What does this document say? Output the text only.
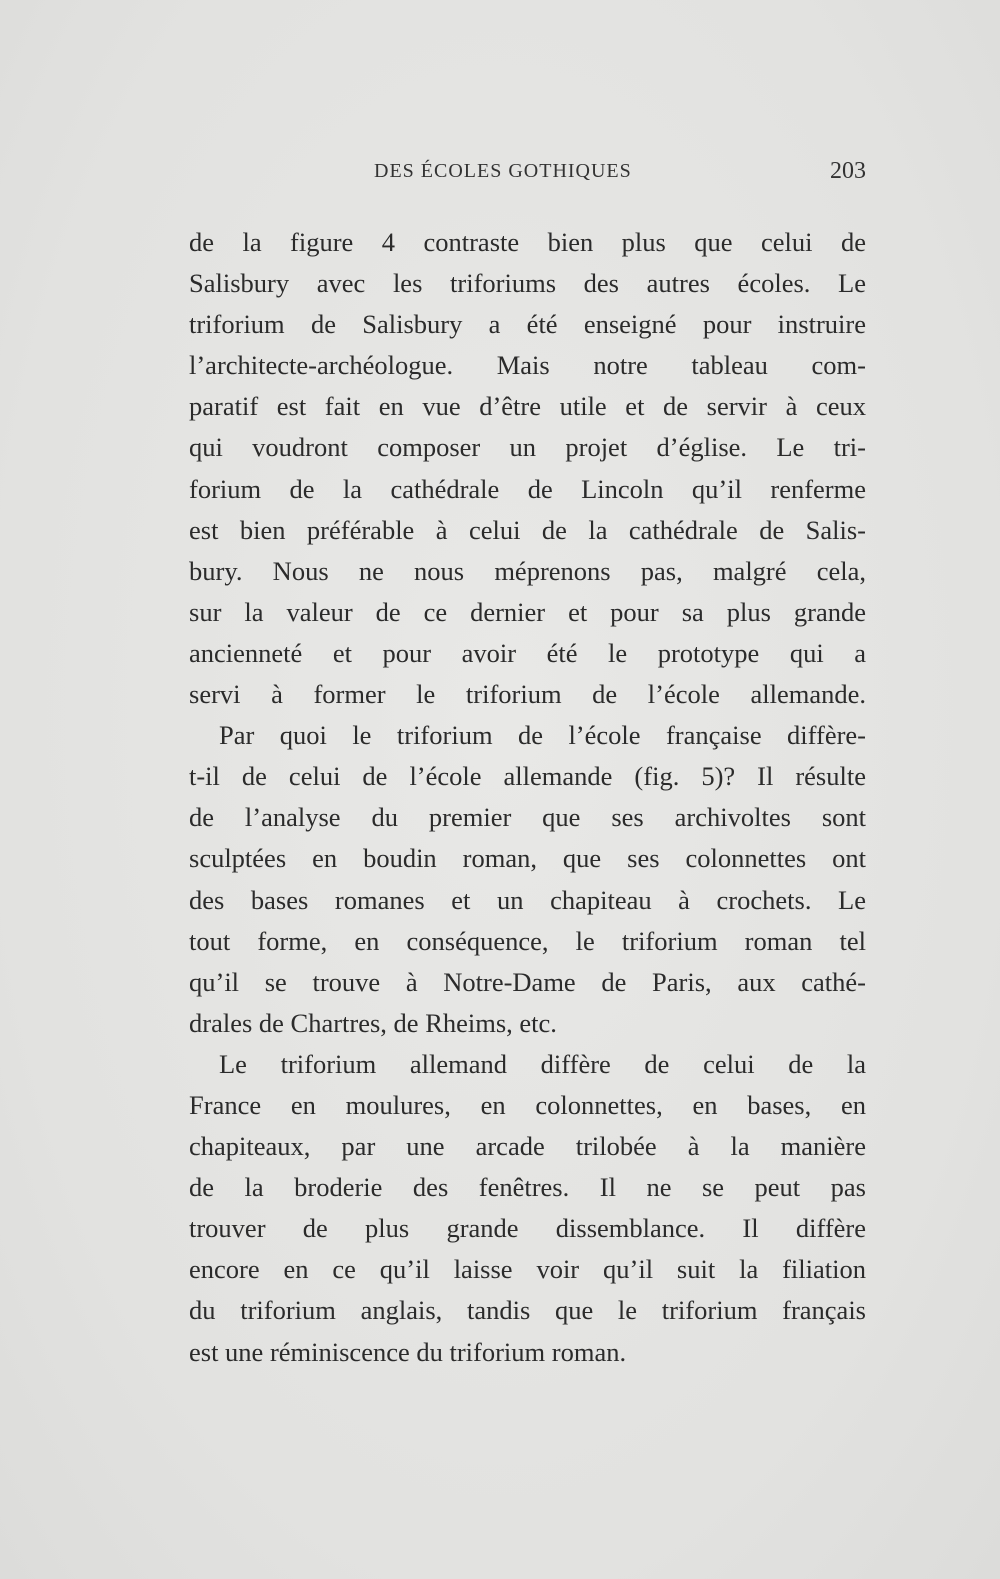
DES ÉCOLES GOTHIQUES	203
de la figure 4 contraste bien plus que celui de
Salisbury avec les triforiums des autres écoles. Le
triforium de Salisbury a été enseigné pour instruire
l’architecte-archéologue. Mais notre tableau com-
paratif est fait en vue d’être utile et de servir à ceux
qui voudront composer un projet d’église. Le tri-
forium de la cathédrale de Lincoln qu’il renferme
est bien préférable à celui de la cathédrale de Salis-
bury. Nous ne nous méprenons pas, malgré cela,
sur la valeur de ce dernier et pour sa plus grande
ancienneté et pour avoir été le prototype qui a
servi à former le triforium de l’école allemande.
Par quoi le triforium de l’école française diffère-
t-il de celui de l’école allemande (fig. 5)? Il résulte
de l’analyse du premier que ses archivoltes sont
sculptées en boudin roman, que ses colonnettes ont
des bases romanes et un chapiteau à crochets. Le
tout forme, en conséquence, le triforium roman tel
qu’il se trouve à Notre-Dame de Paris, aux cathé-
drales de Chartres, de Rheims, etc.
Le triforium allemand diffère de celui de la
France en moulures, en colonnettes, en bases, en
chapiteaux, par une arcade trilobée à la manière
de la broderie des fenêtres. Il ne se peut pas
trouver de plus grande dissemblance. Il diffère
encore en ce qu’il laisse voir qu’il suit la filiation
du triforium anglais, tandis que le triforium français
est une réminiscence du triforium roman.
